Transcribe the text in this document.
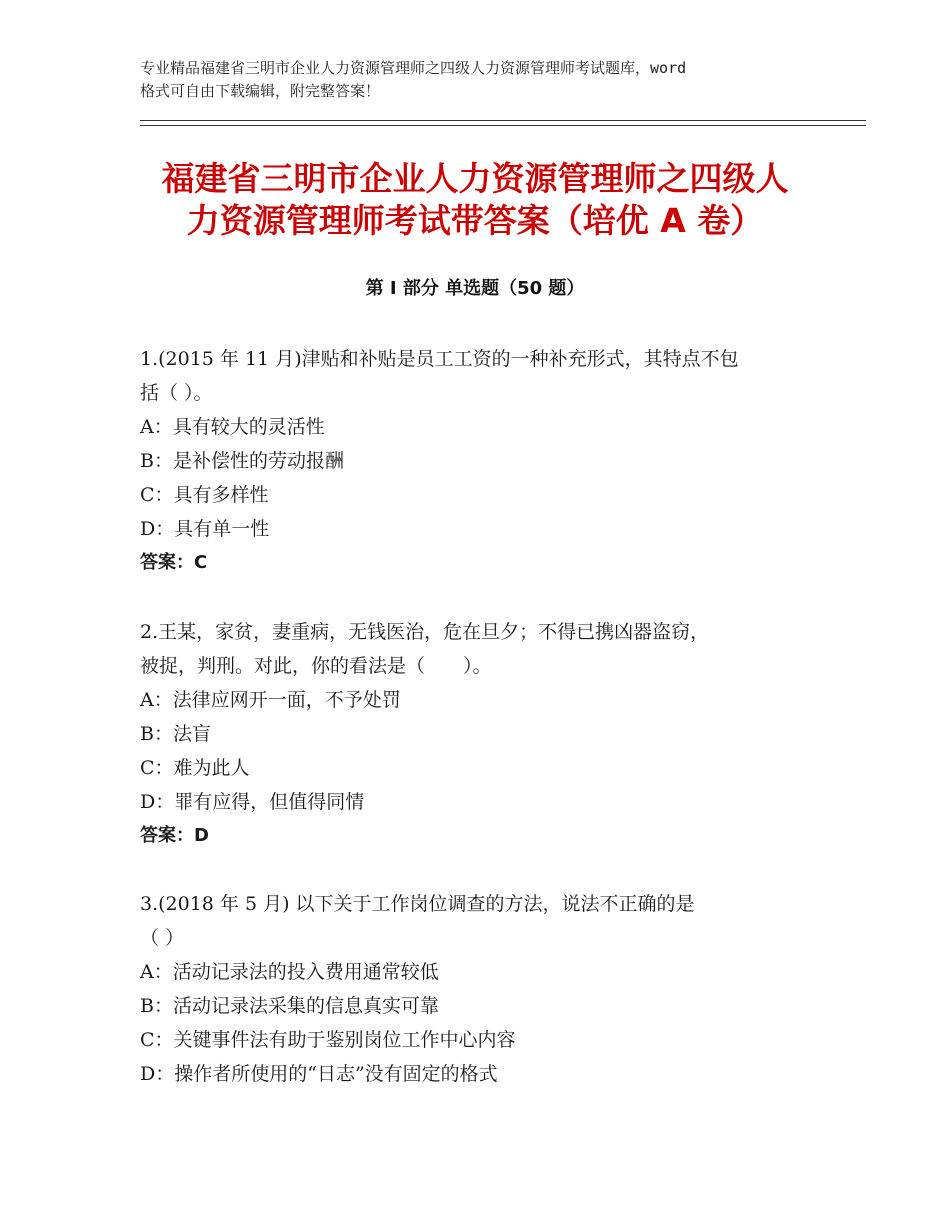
专业精品福建省三明市企业人力资源管理师之四级人力资源管理师考试题库，word
格式可自由下载编辑，附完整答案！
福建省三明市企业人力资源管理师之四级人
力资源管理师考试带答案（培优 A 卷）
第 I 部分 单选题（50 题）
1.(2015 年 11 月)津贴和补贴是员工工资的一种补充形式，其特点不包
括（ ）。
A：具有较大的灵活性
B：是补偿性的劳动报酬
C：具有多样性
D：具有单一性
答案：C
2.王某，家贫，妻重病，无钱医治，危在旦夕；不得已携凶器盗窃，
被捉，判刑。对此，你的看法是（　　）。
A：法律应网开一面，不予处罚
B：法盲
C：难为此人
D：罪有应得，但值得同情
答案：D
3.(2018 年 5 月) 以下关于工作岗位调查的方法，说法不正确的是
（ ）
A：活动记录法的投入费用通常较低
B：活动记录法采集的信息真实可靠
C：关键事件法有助于鉴别岗位工作中心内容
D：操作者所使用的“日志”没有固定的格式
